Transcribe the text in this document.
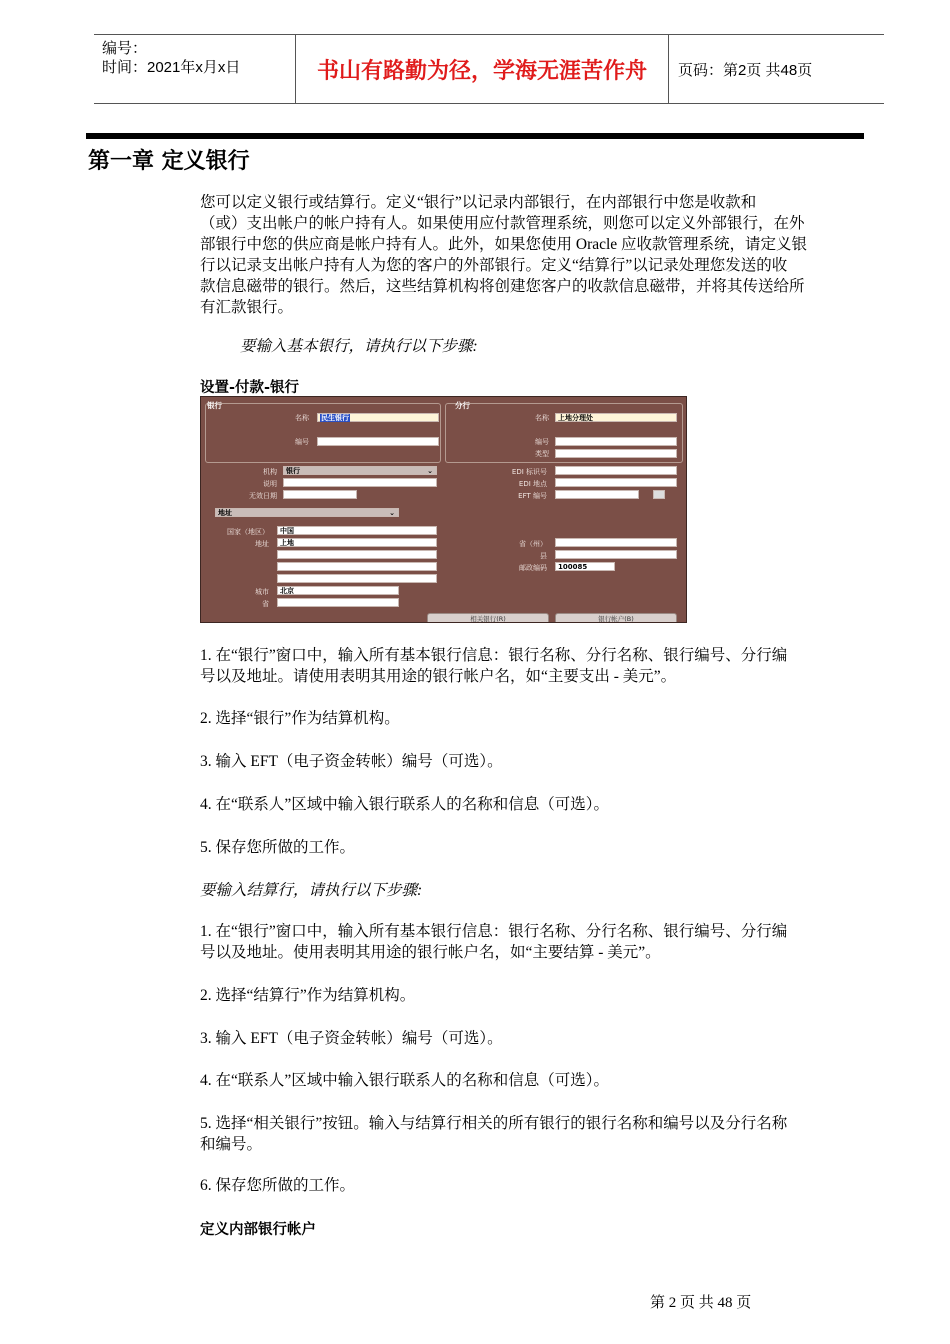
编号：
时间：2021年x月x日	书山有路勤为径，学海无涯苦作舟	页码：第2页 共48页
第一章 定义银行
您可以定义银行或结算行。定义“银行”以记录内部银行，在内部银行中您是收款和
（或）支出帐户的帐户持有人。如果使用应付款管理系统，则您可以定义外部银行，在外
部银行中您的供应商是帐户持有人。此外，如果您使用 Oracle 应收款管理系统，请定义银
行以记录支出帐户持有人为您的客户的外部银行。定义“结算行”以记录处理您发送的收
款信息磁带的银行。然后，这些结算机构将创建您客户的收款信息磁带，并将其传送给所
有汇款银行。
要输入基本银行，请执行以下步骤:
设置-付款-银行
银行
名称	民生银行
编号
分行
名称	上地分理处
编号
类型
机构	银行	⌄
说明
无效日期
EDI 标识号
EDI 地点
EFT 编号
地址	⌄
国家（地区）	中国
地址	上地
城市	北京
省
省（州）
县
邮政编码	100085
相关银行(R)	银行帐户(B)
1. 在“银行”窗口中，输入所有基本银行信息：银行名称、分行名称、银行编号、分行编
号以及地址。请使用表明其用途的银行帐户名，如“主要支出 - 美元”。
2. 选择“银行”作为结算机构。
3. 输入 EFT（电子资金转帐）编号（可选）。
4. 在“联系人”区域中输入银行联系人的名称和信息（可选）。
5. 保存您所做的工作。
要输入结算行，请执行以下步骤:
1. 在“银行”窗口中，输入所有基本银行信息：银行名称、分行名称、银行编号、分行编
号以及地址。使用表明其用途的银行帐户名，如“主要结算 - 美元”。
2. 选择“结算行”作为结算机构。
3. 输入 EFT（电子资金转帐）编号（可选）。
4. 在“联系人”区域中输入银行联系人的名称和信息（可选）。
5. 选择“相关银行”按钮。输入与结算行相关的所有银行的银行名称和编号以及分行名称
和编号。
6. 保存您所做的工作。
定义内部银行帐户
第 2 页 共 48 页
